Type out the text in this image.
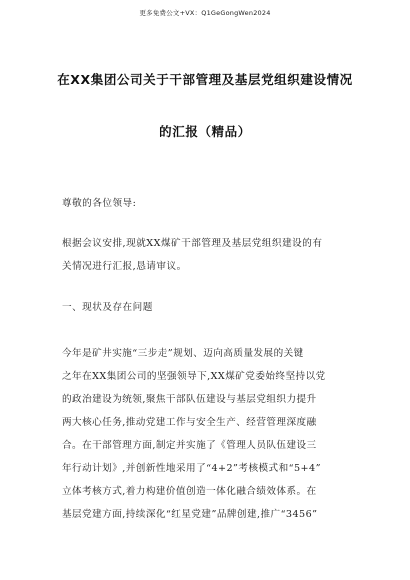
更多免费公文+VX：Q1GeGongWen2024
在XX集团公司关于干部管理及基层党组织建设情况
的汇报（精品）
尊敬的各位领导:
根据会议安排,现就XX煤矿干部管理及基层党组织建设的有
关情况进行汇报,恳请审议。
一、现状及存在问题
今年是矿井实施“三步走”规划、迈向高质量发展的关键
之年在XX集团公司的坚强领导下,XX煤矿党委始终坚持以党
的政治建设为统领,聚焦干部队伍建设与基层党组织力提升
两大核心任务,推动党建工作与安全生产、经营管理深度融
合。在干部管理方面,制定并实施了《管理人员队伍建设三
年行动计划》,并创新性地采用了“4+2”考核模式和“5+4”
立体考核方式,着力构建价值创造一体化融合绩效体系。在
基层党建方面,持续深化“红星党建”品牌创建,推广“3456”
